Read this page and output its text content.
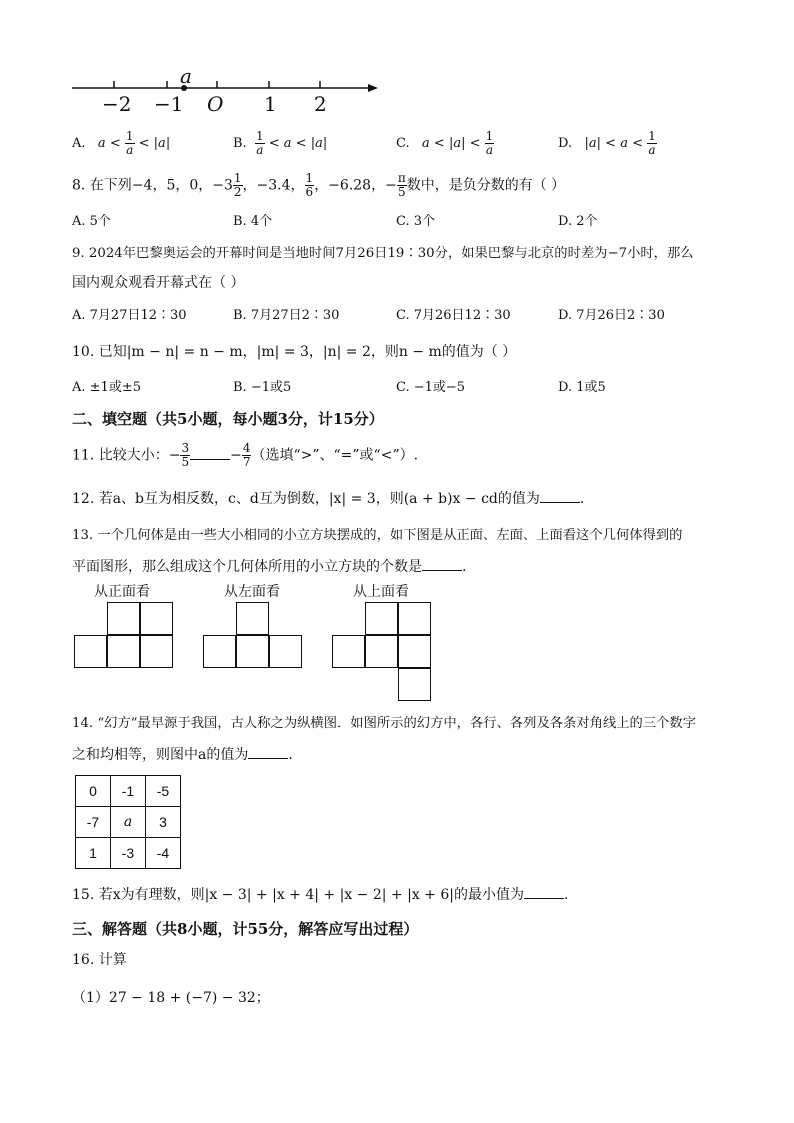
a
−2 −1 O 1 2
A.   $a < \frac{1}{a} < |a|$	B. $\frac{1}{a} < a < |a|$	C.   $a < |a| < \frac{1}{a}$	D.   $|a| < a < \frac{1}{a}$
8. 在下列−4，5，0，$-3 \frac{1}{2}$ ，−3.4̇， $\frac{1}{6}$ ，−6.28，− $\frac{\pi}{5}$ 数中，是负分数的有（ ）
A. 5个	B. 4个	C. 3个	D. 2个
9. 2024年巴黎奥运会的开幕时间是当地时间7月26日19∶30分，如果巴黎与北京的时差为−7小时，那么
国内观众观看开幕式在（ ）
A. 7月27日12∶30	B. 7月27日2∶30	C. 7月26日12∶30	D. 7月26日2∶30
10. 已知|m − n| = n − m，|m| = 3，|n| = 2，则n − m的值为（ ）
A. ±1或±5	B. −1或5	C. −1或−5	D. 1或5
二、填空题（共5小题，每小题3分，计15分）
11. 比较大小：− $\frac{3}{5}$	− $\frac{4}{7}$ （选填“>”、“=”或“<”）.
12. 若a、b互为相反数，c、d互为倒数，|x| = 3，则(a + b)x − cd的值为	.
13. 一个几何体是由一些大小相同的小立方块摆成的，如下图是从正面、左面、上面看这个几何体得到的
平面图形，那么组成这个几何体所用的小立方块的个数是	.
从正面看	从左面看	从上面看
14. “幻方”最早源于我国，古人称之为纵横图．如图所示的幻方中，各行、各列及各条对角线上的三个数字
之和均相等，则图中a的值为	.
0	-1	-5
-7	a	3
1	-3	-4
15. 若x为有理数，则|x − 3| + |x + 4| + |x − 2| + |x + 6|的最小值为	.
三、解答题（共8小题，计55分，解答应写出过程）
16. 计算
（1）27 − 18 + (−7) − 32；
